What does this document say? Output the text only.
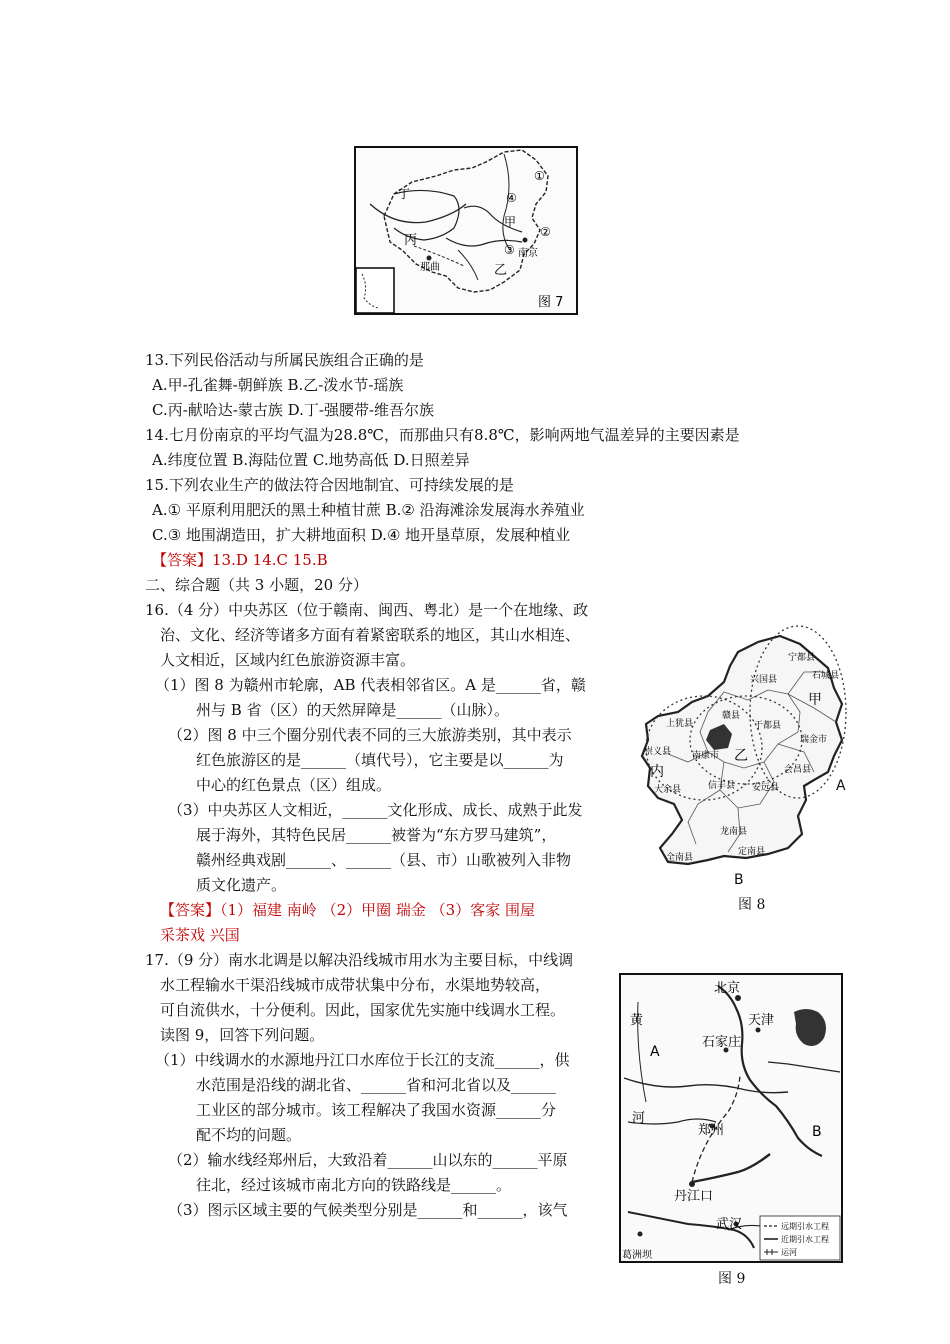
丁
①
④
甲
②
③
丙
那曲
南京
乙
图 7
13.下列民俗活动与所属民族组合正确的是
A.甲-孔雀舞-朝鲜族 B.乙-泼水节-瑶族
C.丙-献哈达-蒙古族 D.丁-强腰带-维吾尔族
14.七月份南京的平均气温为28.8℃，而那曲只有8.8℃，影响两地气温差异的主要因素是
A.纬度位置 B.海陆位置 C.地势高低 D.日照差异
15.下列农业生产的做法符合因地制宜、可持续发展的是
A.① 平原利用肥沃的黑土种植甘蔗 B.② 沿海滩涂发展海水养殖业
C.③ 地围湖造田，扩大耕地面积 D.④ 地开垦草原，发展种植业
【答案】13.D 14.C 15.B
二、综合题（共 3 小题，20 分）
16.（4 分）中央苏区（位于赣南、闽西、粤北）是一个在地缘、政
治、文化、经济等诸多方面有着紧密联系的地区，其山水相连、
人文相近，区域内红色旅游资源丰富。
（1）图 8 为赣州市轮廓，AB 代表相邻省区。A 是______省，赣
州与 B 省（区）的天然屏障是______（山脉）。
（2）图 8 中三个圈分别代表不同的三大旅游类别，其中表示
红色旅游区的是______（填代号），它主要是以______为
中心的红色景点（区）组成。
（3）中央苏区人文相近，______文化形成、成长、成熟于此发
展于海外，其特色民居______被誉为“东方罗马建筑”，
赣州经典戏剧______、______（县、市）山歌被列入非物
质文化遗产。
【答案】（1）福建 南岭 （2）甲圈 瑞金 （3）客家 围屋
采茶戏 兴国
宁都县
石城县
甲
兴国县
瑞金市
上犹县
赣县
于都县
崇义县 南康市 乙
会昌县
内
大余县	信丰县 安远县
龙南县
定南县
全南县
A
B
图 8
17.（9 分）南水北调是以解决沿线城市用水为主要目标，中线调
水工程输水干渠沿线城市成带状集中分布，水渠地势较高，
可自流供水，十分便利。因此，国家优先实施中线调水工程。
读图 9，回答下列问题。
（1）中线调水的水源地丹江口水库位于长江的支流______，供
水范围是沿线的湖北省、______省和河北省以及______
工业区的部分城市。该工程解决了我国水资源______分
配不均的问题。
（2）输水线经郑州后，大致沿着______山以东的______平原
往北，经过该城市南北方向的铁路线是______。
（3）图示区域主要的气候类型分别是______和______，该气
北京
天津
石家庄
黄
河
A
B
郑州
丹江口
武汉
葛洲坝
远期引水工程
近期引水工程
运河
图 9
